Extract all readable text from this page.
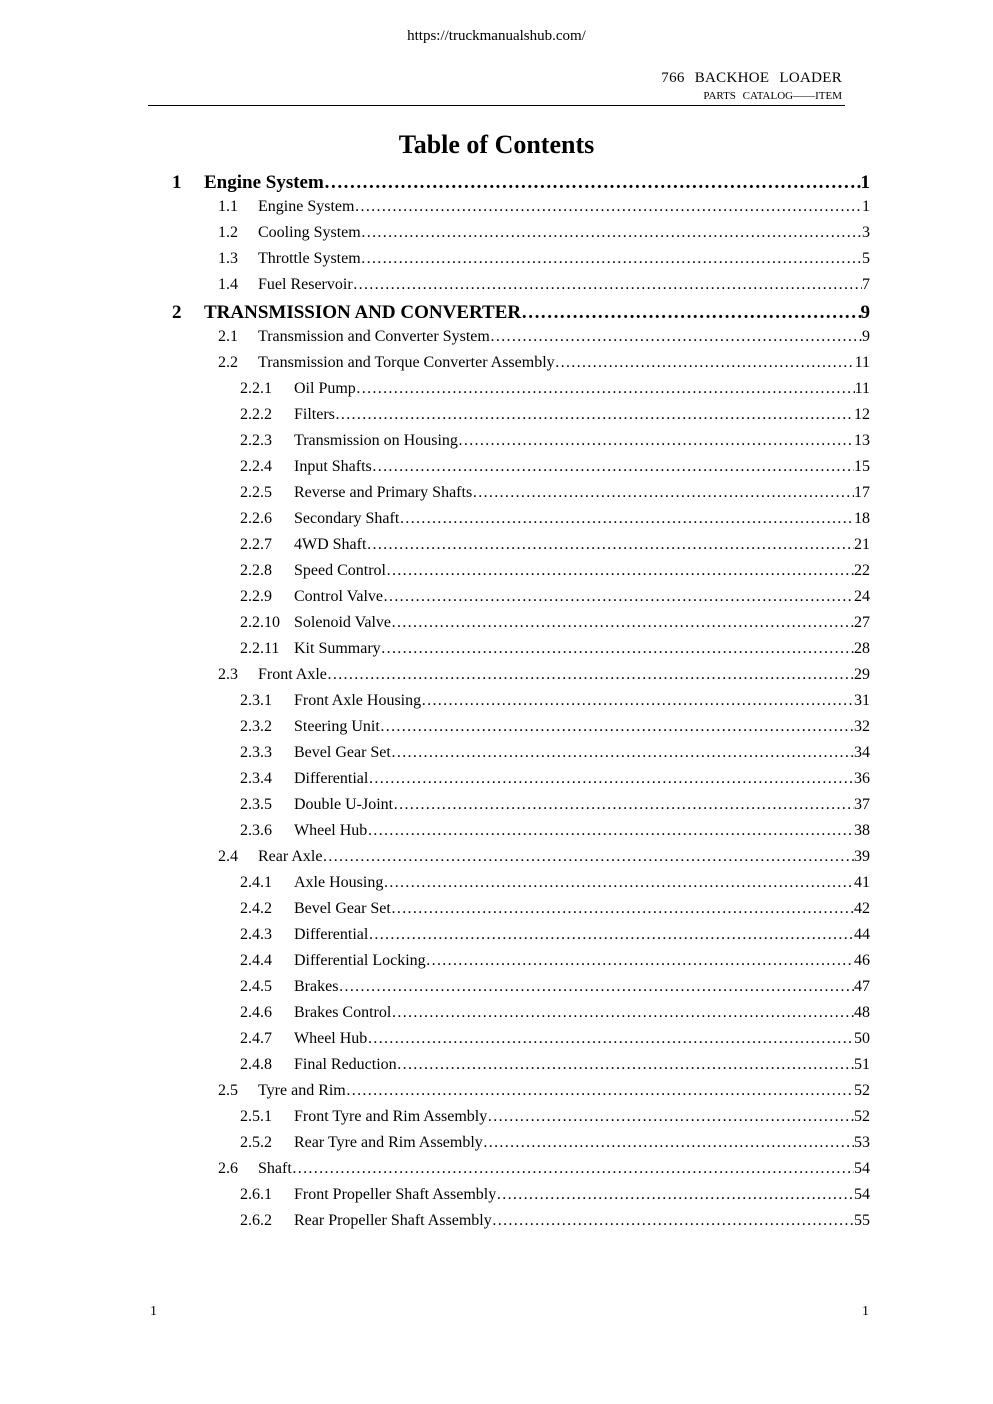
https://truckmanualshub.com/
766 BACKHOE LOADER
PARTS CATALOG——ITEM
Table of Contents
1	Engine System …………………………………………………………………………………………………………………………………………………………………………	1
1.1	Engine System …………………………………………………………………………………………………………………………………………………………………………	1
1.2	Cooling System …………………………………………………………………………………………………………………………………………………………………………	3
1.3	Throttle System …………………………………………………………………………………………………………………………………………………………………………	5
1.4	Fuel Reservoir …………………………………………………………………………………………………………………………………………………………………………	7
2	TRANSMISSION AND CONVERTER …………………………………………………………………………………………………………………………………………………………………………	9
2.1	Transmission and Converter System …………………………………………………………………………………………………………………………………………………………………………	9
2.2	Transmission and Torque Converter Assembly …………………………………………………………………………………………………………………………………………………………………………	11
2.2.1	Oil Pump …………………………………………………………………………………………………………………………………………………………………………	11
2.2.2	Filters …………………………………………………………………………………………………………………………………………………………………………	12
2.2.3	Transmission on Housing …………………………………………………………………………………………………………………………………………………………………………	13
2.2.4	Input Shafts …………………………………………………………………………………………………………………………………………………………………………	15
2.2.5	Reverse and Primary Shafts …………………………………………………………………………………………………………………………………………………………………………	17
2.2.6	Secondary Shaft …………………………………………………………………………………………………………………………………………………………………………	18
2.2.7	4WD Shaft …………………………………………………………………………………………………………………………………………………………………………	21
2.2.8	Speed Control …………………………………………………………………………………………………………………………………………………………………………	22
2.2.9	Control Valve …………………………………………………………………………………………………………………………………………………………………………	24
2.2.10 Solenoid Valve …………………………………………………………………………………………………………………………………………………………………………	27
2.2.11 Kit Summary …………………………………………………………………………………………………………………………………………………………………………	28
2.3	Front Axle …………………………………………………………………………………………………………………………………………………………………………	29
2.3.1	Front Axle Housing …………………………………………………………………………………………………………………………………………………………………………	31
2.3.2	Steering Unit …………………………………………………………………………………………………………………………………………………………………………	32
2.3.3	Bevel Gear Set …………………………………………………………………………………………………………………………………………………………………………	34
2.3.4	Differential …………………………………………………………………………………………………………………………………………………………………………	36
2.3.5	Double U-Joint …………………………………………………………………………………………………………………………………………………………………………	37
2.3.6	Wheel Hub …………………………………………………………………………………………………………………………………………………………………………	38
2.4	Rear Axle …………………………………………………………………………………………………………………………………………………………………………	39
2.4.1	Axle Housing …………………………………………………………………………………………………………………………………………………………………………	41
2.4.2	Bevel Gear Set …………………………………………………………………………………………………………………………………………………………………………	42
2.4.3	Differential …………………………………………………………………………………………………………………………………………………………………………	44
2.4.4	Differential Locking …………………………………………………………………………………………………………………………………………………………………………	46
2.4.5	Brakes …………………………………………………………………………………………………………………………………………………………………………	47
2.4.6	Brakes Control …………………………………………………………………………………………………………………………………………………………………………	48
2.4.7	Wheel Hub …………………………………………………………………………………………………………………………………………………………………………	50
2.4.8	Final Reduction …………………………………………………………………………………………………………………………………………………………………………	51
2.5	Tyre and Rim …………………………………………………………………………………………………………………………………………………………………………	52
2.5.1	Front Tyre and Rim Assembly …………………………………………………………………………………………………………………………………………………………………………	52
2.5.2	Rear Tyre and Rim Assembly …………………………………………………………………………………………………………………………………………………………………………	53
2.6	Shaft …………………………………………………………………………………………………………………………………………………………………………	54
2.6.1	Front Propeller Shaft Assembly …………………………………………………………………………………………………………………………………………………………………………	54
2.6.2	Rear Propeller Shaft Assembly …………………………………………………………………………………………………………………………………………………………………………	55
1	1
